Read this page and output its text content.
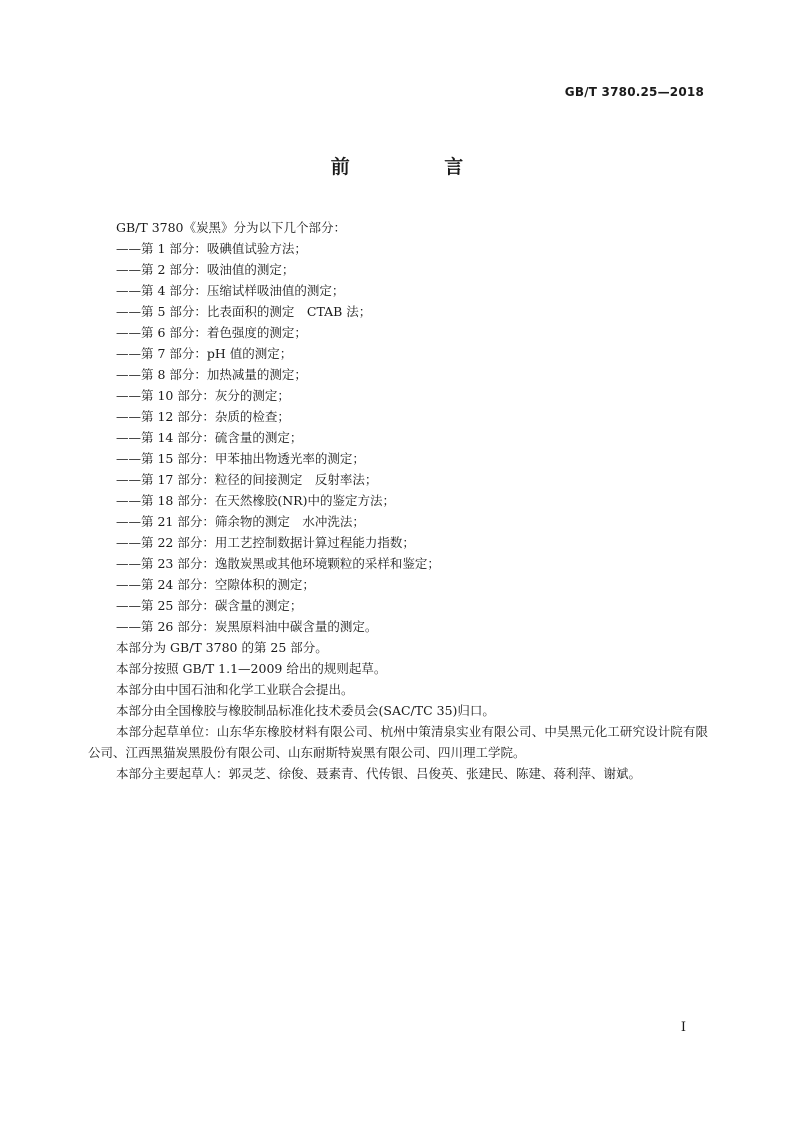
GB/T 3780.25—2018
前 言

GB/T 3780《炭黑》分为以下几个部分：

——第 1 部分：吸碘值试验方法；

——第 2 部分：吸油值的测定；

——第 4 部分：压缩试样吸油值的测定；

——第 5 部分：比表面积的测定　CTAB 法；

——第 6 部分：着色强度的测定；

——第 7 部分：pH 值的测定；

——第 8 部分：加热减量的测定；

——第 10 部分：灰分的测定；

——第 12 部分：杂质的检查；

——第 14 部分：硫含量的测定；

——第 15 部分：甲苯抽出物透光率的测定；

——第 17 部分：粒径的间接测定　反射率法；

——第 18 部分：在天然橡胶(NR)中的鉴定方法；

——第 21 部分：筛余物的测定　水冲洗法；

——第 22 部分：用工艺控制数据计算过程能力指数；

——第 23 部分：逸散炭黑或其他环境颗粒的采样和鉴定；

——第 24 部分：空隙体积的测定；

——第 25 部分：碳含量的测定；

——第 26 部分：炭黑原料油中碳含量的测定。

本部分为 GB/T 3780 的第 25 部分。

本部分按照 GB/T 1.1—2009 给出的规则起草。

本部分由中国石油和化学工业联合会提出。

本部分由全国橡胶与橡胶制品标准化技术委员会(SAC/TC 35)归口。

本部分起草单位：山东华东橡胶材料有限公司、杭州中策清泉实业有限公司、中昊黑元化工研究设计院有限公司、江西黑猫炭黑股份有限公司、山东耐斯特炭黑有限公司、四川理工学院。

本部分主要起草人：郭灵芝、徐俊、聂素青、代传银、吕俊英、张建民、陈建、蒋利萍、谢斌。

I
